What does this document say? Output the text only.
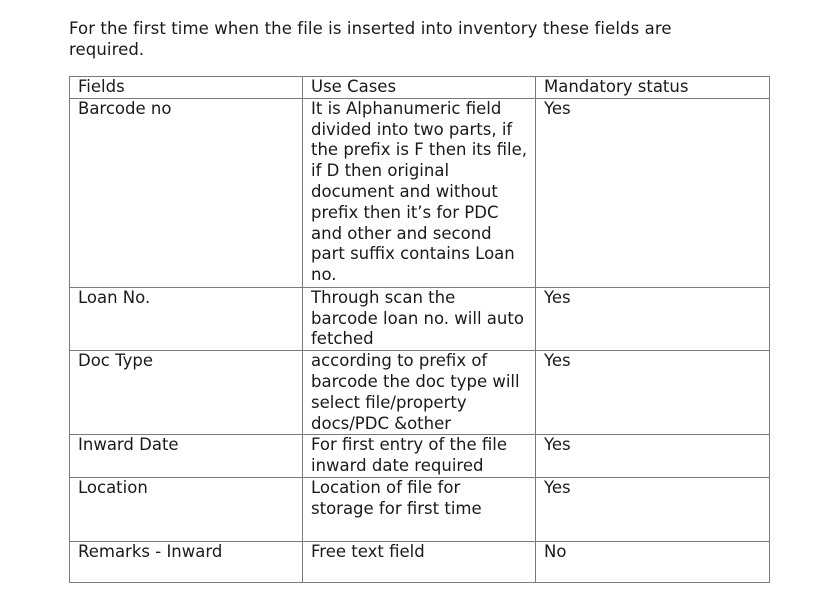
For the first time when the file is inserted into inventory these fields are required.

Fields	Use Cases	Mandatory status
Barcode no	It is Alphanumeric field divided into two parts, if the prefix is F then its file, if D then original document and without prefix then it’s for PDC and other and second part suffix contains Loan no.	Yes
Loan No.	Through scan the barcode loan no. will auto fetched	Yes
Doc Type	according to prefix of barcode the doc type will select file/property docs/PDC &other	Yes
Inward Date	For first entry of the file inward date required	Yes
Location	Location of file for storage for first time	Yes
Remarks - Inward	Free text field	No
